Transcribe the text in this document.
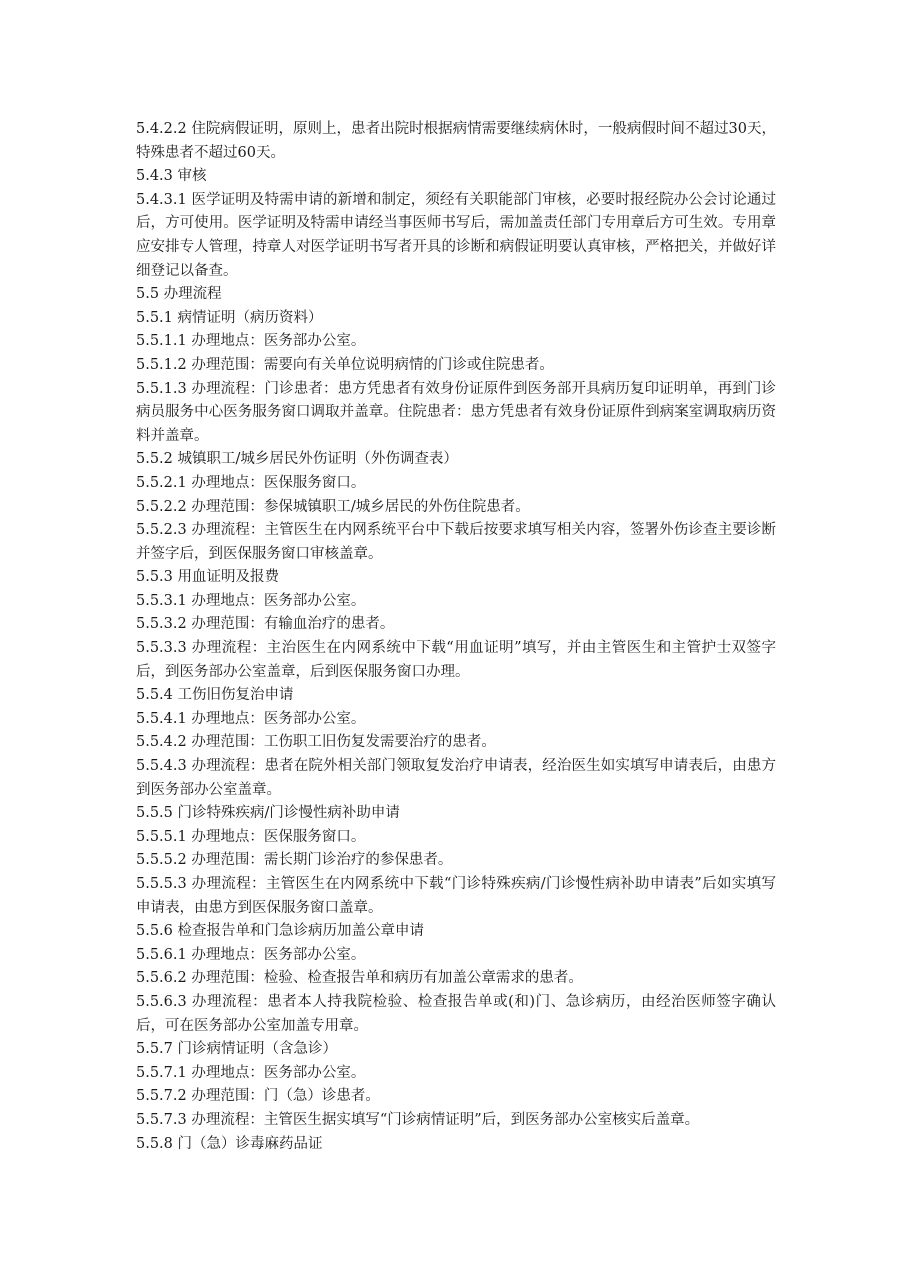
5.4.2.2 住院病假证明，原则上，患者出院时根据病情需要继续病休时，一般病假时间不超过30天，特殊患者不超过60天。

5.4.3 审核

5.4.3.1 医学证明及特需申请的新增和制定，须经有关职能部门审核，必要时报经院办公会讨论通过后，方可使用。医学证明及特需申请经当事医师书写后，需加盖责任部门专用章后方可生效。专用章应安排专人管理，持章人对医学证明书写者开具的诊断和病假证明要认真审核，严格把关，并做好详细登记以备查。

5.5 办理流程

5.5.1 病情证明（病历资料）

5.5.1.1 办理地点：医务部办公室。

5.5.1.2 办理范围：需要向有关单位说明病情的门诊或住院患者。

5.5.1.3 办理流程：门诊患者：患方凭患者有效身份证原件到医务部开具病历复印证明单，再到门诊病员服务中心医务服务窗口调取并盖章。住院患者：患方凭患者有效身份证原件到病案室调取病历资料并盖章。

5.5.2 城镇职工/城乡居民外伤证明（外伤调查表）

5.5.2.1 办理地点：医保服务窗口。

5.5.2.2 办理范围：参保城镇职工/城乡居民的外伤住院患者。

5.5.2.3 办理流程：主管医生在内网系统平台中下载后按要求填写相关内容，签署外伤诊查主要诊断并签字后，到医保服务窗口审核盖章。

5.5.3 用血证明及报费

5.5.3.1 办理地点：医务部办公室。

5.5.3.2 办理范围：有输血治疗的患者。

5.5.3.3 办理流程：主治医生在内网系统中下载“用血证明”填写，并由主管医生和主管护士双签字后，到医务部办公室盖章，后到医保服务窗口办理。

5.5.4 工伤旧伤复治申请

5.5.4.1 办理地点：医务部办公室。

5.5.4.2 办理范围：工伤职工旧伤复发需要治疗的患者。

5.5.4.3 办理流程：患者在院外相关部门领取复发治疗申请表，经治医生如实填写申请表后，由患方到医务部办公室盖章。

5.5.5 门诊特殊疾病/门诊慢性病补助申请

5.5.5.1 办理地点：医保服务窗口。

5.5.5.2 办理范围：需长期门诊治疗的参保患者。

5.5.5.3 办理流程：主管医生在内网系统中下载“门诊特殊疾病/门诊慢性病补助申请表”后如实填写申请表，由患方到医保服务窗口盖章。

5.5.6 检查报告单和门急诊病历加盖公章申请

5.5.6.1 办理地点：医务部办公室。

5.5.6.2 办理范围：检验、检查报告单和病历有加盖公章需求的患者。

5.5.6.3 办理流程：患者本人持我院检验、检查报告单或(和)门、急诊病历，由经治医师签字确认后，可在医务部办公室加盖专用章。

5.5.7 门诊病情证明（含急诊）

5.5.7.1 办理地点：医务部办公室。

5.5.7.2 办理范围：门（急）诊患者。

5.5.7.3 办理流程：主管医生据实填写“门诊病情证明”后，到医务部办公室核实后盖章。

5.5.8 门（急）诊毒麻药品证
